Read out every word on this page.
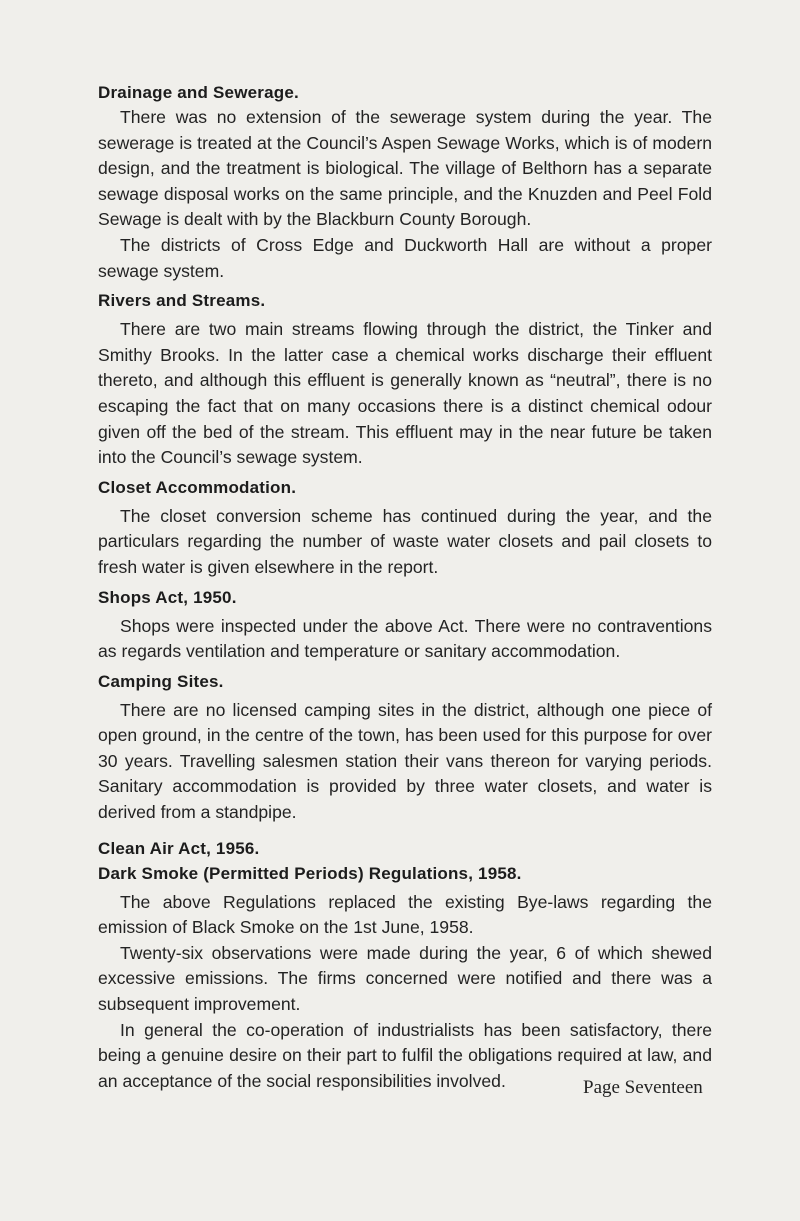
Drainage and Sewerage.

There was no extension of the sewerage system during the year. The sewerage is treated at the Council’s Aspen Sewage Works, which is of modern design, and the treatment is biological. The village of Belthorn has a separate sewage disposal works on the same principle, and the Knuzden and Peel Fold Sewage is dealt with by the Blackburn County Borough.

The districts of Cross Edge and Duckworth Hall are without a proper sewage system.

Rivers and Streams.

There are two main streams flowing through the district, the Tinker and Smithy Brooks. In the latter case a chemical works discharge their effluent thereto, and although this effluent is generally known as “neutral”, there is no escaping the fact that on many occasions there is a distinct chemical odour given off the bed of the stream. This effluent may in the near future be taken into the Council’s sewage system.

Closet Accommodation.

The closet conversion scheme has continued during the year, and the particulars regarding the number of waste water closets and pail closets to fresh water is given elsewhere in the report.

Shops Act, 1950.

Shops were inspected under the above Act. There were no contraventions as regards ventilation and temperature or sanitary accommodation.

Camping Sites.

There are no licensed camping sites in the district, although one piece of open ground, in the centre of the town, has been used for this purpose for over 30 years. Travelling salesmen station their vans thereon for varying periods. Sanitary accommodation is provided by three water closets, and water is derived from a standpipe.

Clean Air Act, 1956.
Dark Smoke (Permitted Periods) Regulations, 1958.

The above Regulations replaced the existing Bye-laws regarding the emission of Black Smoke on the 1st June, 1958.

Twenty-six observations were made during the year, 6 of which shewed excessive emissions. The firms concerned were notified and there was a subsequent improvement.

In general the co-operation of industrialists has been satisfactory, there being a genuine desire on their part to fulfil the obligations required at law, and an acceptance of the social responsibilities involved.	Page Seventeen
